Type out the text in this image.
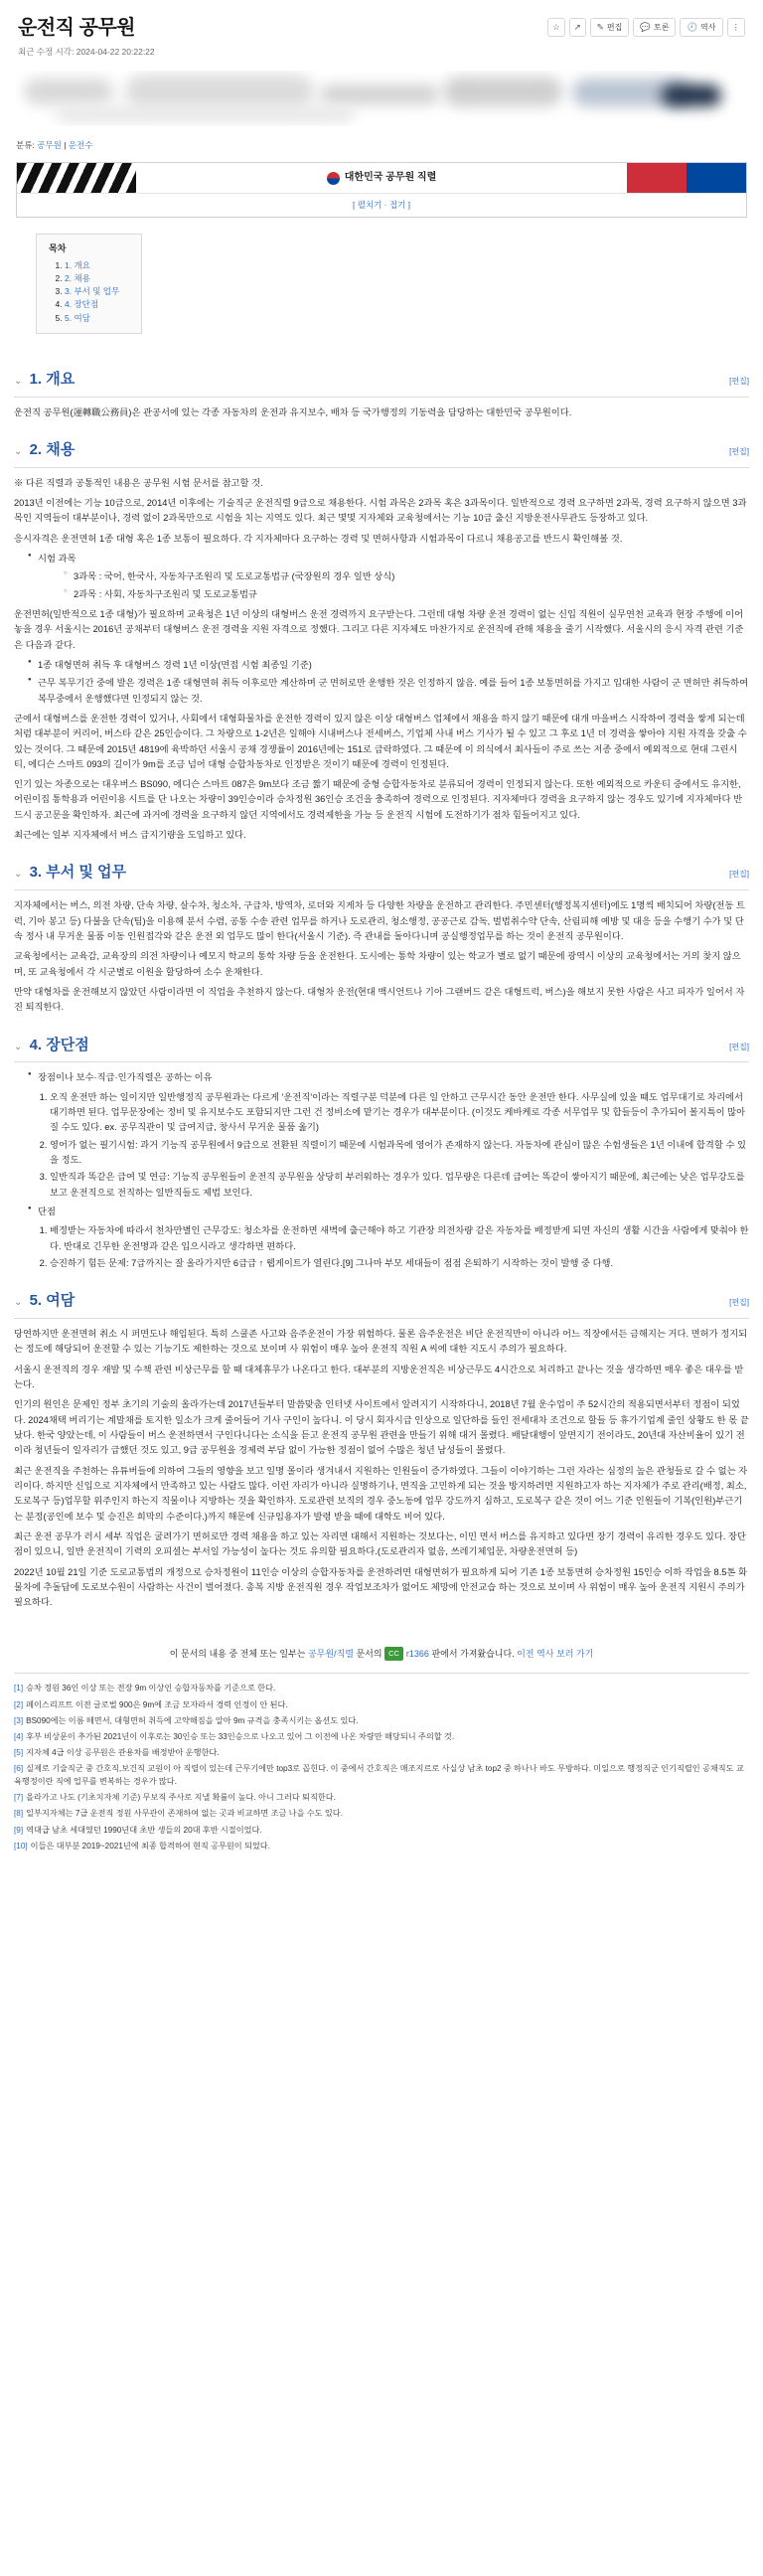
운전직 공무원
최근 수정 시각: 2024-04-22 20:22:22
☆ ↗ ✎ 편집 💬 토론 🕘 역사 ⋮
분류: 공무원 | 운전수
대한민국 공무원 직렬
[ 펼치기 · 접기 ]
목차
1. 1. 개요
2. 2. 채용
3. 3. 부서 및 업무
4. 4. 장단점
5. 5. 여담
⌄ 1. 개요	[편집]

운전직 공무원(運轉職公務員)은 관공서에 있는 각종 자동차의 운전과 유지보수, 배차 등 국가행정의 기동력을 담당하는 대한민국 공무원이다.

⌄ 2. 채용	[편집]

※ 다른 직렬과 공통적인 내용은 공무원 시험 문서를 참고할 것.

2013년 이전에는 기능 10급으로, 2014년 이후에는 기술직군 운전직렬 9급으로 채용한다. 시험 과목은 2과목 혹은 3과목이다. 일반적으로 경력 요구하면 2과목, 경력 요구하지 않으면 3과목인 지역들이 대부분이나, 경력 없이 2과목만으로 시험을 치는 지역도 있다. 최근 몇몇 지자체와 교육청에서는 기능 10급 출신 지방운전사무관도 등장하고 있다.

응시자격은 운전면허 1종 대형 혹은 1종 보통이 필요하다. 각 지자체마다 요구하는 경력 및 면허사항과 시험과목이 다르니 채용공고를 반드시 확인해볼 것.

● 시험 과목
○ 3과목 : 국어, 한국사, 자동차구조원리 및 도로교통법규 (국장원의 경우 일반 상식)
○ 2과목 : 사회, 자동차구조원리 및 도로교통법규

운전면허(일반적으로 1종 대형)가 필요하며 교육청은 1년 이상의 대형버스 운전 경력까지 요구받는다. 그런데 대형 차량 운전 경력이 없는 신입 직원이 실무연천 교육과 현장 주행에 이어놓을 경우 서울시는 2016년 공채부터 대형버스 운전 경력을 지원 자격으로 정했다. 그리고 다른 지자체도 마찬가지로 운전직에 관해 채용을 줄기 시작했다. 서울시의 응시 자격 관련 기준은 다음과 같다.

● 1종 대형면허 취득 후 대형버스 경력 1년 이상(면접 시험 최종일 기준)
● 근무 복무기간 중에 발은 경력은 1종 대형면허 취득 이후로만 계산하며 군 면허로만 운행한 것은 인정하지 않음. 예를 들어 1종 보통면허를 가지고 입대한 사람이 군 면허만 취득하여 복무중에서 운행했다면 인정되지 않는 것.

군에서 대형버스를 운전한 경력이 있거나, 사회에서 대형화물차를 운전한 경력이 있지 않은 이상 대형버스 업체에서 채용을 하지 않기 때문에 대개 마을버스 시작하여 경력을 쌓게 되는데 처럼 대부분이 커리어, 버스타 같은 25인승이다. 그 차량으로 1-2년은 일해야 시내버스나 전세버스, 기업체 사내 버스 기사가 될 수 있고 그 후로 1년 더 경력을 쌓아야 지원 자격을 갖출 수 있는 것이다. 그 때문에 2015년 4819에 육박하던 서울시 공채 경쟁률이 2016년에는 151로 급락하였다. 그 때문에 이 의식에서 최사들이 주로 쓰는 저종 중에서 예외적으로 현대 그린시티, 에디슨 스마트 093의 길이가 9m를 조금 넘어 대형 승합차동차로 인정받은 것이기 때문에 경력이 인정된다.

인기 있는 차종으로는 대우버스 BS090, 에디슨 스마트 087은 9m보다 조금 짧기 때문에 중형 승합자동차로 분류되어 경력이 인정되지 않는다. 또한 예외적으로 카운티 중에서도 유지한, 어린이집 통학용과 어린이용 시트를 단 나오는 차량이 39인승이라 승차정원 36인승 조건을 충족하여 경력으로 인정된다. 지자체마다 경력을 요구하지 않는 경우도 있기에 지자체마다 반드시 공고문을 확인하자. 최근에 과거에 경력을 요구하지 않던 지역에서도 경력제한을 가능 등 운전직 시험에 도전하기가 점차 힘들어지고 있다.

최근에는 일부 지자체에서 버스 급지기량을 도입하고 있다.

⌄ 3. 부서 및 업무	[편집]

지자체에서는 버스, 의전 차량, 단속 차량, 살수차, 청소차, 구급차, 방역차, 로더와 지게차 등 다양한 차량을 운전하고 관리한다. 주민센터(행정복지센터)에도 1명씩 배치되어 차량(전동 트럭, 기아 봉고 등) 다불을 단속(팀)을 이용해 분서 수렴, 공통 수송 관련 업무를 하거나 도로관리, 청소행정, 공공근로 감독, 벌법취수약 단속, 산림피해 예방 및 대응 등을 수행기 수가 및 단속 정사 내 무거운 물품 이동 인원접각와 같은 운전 외 업무도 많이 한다(서울시 기준). 즉 관내를 돌아다니며 공실행정업무를 하는 것이 운전직 공무원이다.

교육청에서는 교육감, 교육장의 의전 차량이나 예모지 학교의 통학 차량 등을 운전한다. 도시에는 통학 차량이 있는 학교가 별로 없기 때문에 광역시 이상의 교육청에서는 거의 찾지 않으며, 또 교육청에서 각 시군별로 이원을 할당하여 소수 운채한다.

만약 대형차를 운전해보지 않았던 사람이라면 이 직업을 추천하지 않는다. 대형차 운전(현대 백시언트나 기아 그랜버드 같은 대형트럭, 버스)을 해보지 못한 사람은 사고 피자가 일어서 자진 퇴직한다.

⌄ 4. 장단점	[편집]
● 장점이나 보수·직급·인가직렬은 공하는 이유
1. 오직 운전만 하는 일이지만 일반행정직 공무원과는 다르게 '운전직'이라는 직렬구분 덕분에 다른 일 안하고 근무시간 동안 운전만 한다. 사무실에 있을 때도 업무대기로 차리에서 대기하면 된다. 업무문장에는 정비 및 유지보수도 포함되지만 그런 건 정비소에 맡기는 경우가 대부분이다. (이것도 케바케로 각종 서무업무 및 합들등이 추가되어 볼지특이 많아질 수도 있다. ex. 공무직관이 및 급여지급, 창사서 무거운 물품 옮기)
2. 영어가 없는 필기시험: 과거 기능직 공무원에서 9급으로 전환된 직렬이기 때문에 시험과목에 영어가 존재하지 않는다. 자동차에 관심이 많은 수험생들은 1년 이내에 합격할 수 있을 정도.
3. 일반직과 똑같은 급여 및 연금: 기능직 공무원들이 운전직 공무원을 상당히 부러워하는 경우가 있다. 업무량은 다른데 급여는 똑같이 쌓아지기 때문에, 최근에는 낮은 업무강도를 보고 운전직으로 전직하는 일반직들도 제법 보인다.
● 단점
1. 배정받는 자동차에 따라서 천차만별인 근무강도: 청소차를 운전하면 새벽에 출근해야 하고 기관장 의전차량 같은 자동차를 배정받게 되면 자신의 생활 시간을 사람에게 맞춰야 한다. 반대로 긴무한 운전명과 같은 입으시라고 생각하면 편하다.
2. 승진하기 힘든 문제: 7급까지는 잘 올라가지만 6급급 ↑ 웹게이트가 열린다.[9] 그나마 부모 세대들이 점점 은퇴하기 시작하는 것이 발행 중 다행.
⌄ 5. 여담	[편집]

당연하지만 운전면허 취소 시 퍼면도나 해임된다. 특히 스쿨존 사고와 음주운전이 가장 위험하다. 물론 음주운전은 비단 운전직만이 아니라 어느 직장에서든 금해지는 거다. 면허가 정지되는 정도에 해당되어 운전할 수 있는 기능기도 제한하는 것으로 보이며 사 위험이 매우 높아 운전직 직원 A 씨에 대한 지도시 주의가 필요하다.

서울시 운전직의 경우 재발 및 수책 관련 비상근무를 할 때 대체휴무가 나온다고 한다. 대부분의 지방운전직은 비상근무도 4시간으로 처리하고 끝나는 것을 생각하면 매우 좋은 대우를 받는다.

인기의 원인은 문제인 정부 초기의 기술의 올라가는데 2017년들부터 말씀맞춤 인터넷 사이트에서 알려지기 시작하다니, 2018년 7월 운수업이 주 52시간의 적용되면서부터 정점이 되었다. 2024채택 버리기는 계말채를 토지한 일소가 크게 줄어들어 기사 구인이 높다니. 이 당시 회자시급 인상으로 일단하를 들인 전세대차 조건으로 할들 등 휴가기업계 줄인 상황도 한 몫 끝났다. 한국 양았는데, 이 사람들이 버스 운전하면서 구인다니다는 소식을 듣고 운전직 공무원 관련을 만들기 위해 대거 몰렸다. 배달대행이 앞면지기 전이라도, 20년대 자산비율이 있기 전이라 청년들이 일자리가 급했던 것도 있고, 9급 공무원을 경제력 부담 없이 가능한 정점이 없어 수많은 청년 남성들이 몰렸다.

최근 운전직을 주천하는 유튜버들에 의하여 그들의 영향을 보고 일명 몰이라 생겨내서 지원하는 인원들이 증가하였다. 그들이 이야기하는 그런 자라는 심정의 높은 관청들로 갈 수 없는 자리이다. 하지만 신입으로 지자체에서 만족하고 있는 사람도 많다. 이런 자리가 아니라 실명하기나, 면직을 고민하게 되는 것을 방지하려면 지원하고자 하는 지자체가 주로 관리(배정, 최소, 도로복구 등)업무할 위주인지 하는지 직물이나 지방하는 것을 확인하자. 도로관련 보직의 경우 중노동에 업무 강도까지 심하고, 도로복구 같은 것이 어느 기준 인원들이 기복(인원)부근기는 분정(공인에 보수 및 승진은 희막의 수준이다.)까지 해문에 신규임용자가 발령 받을 때에 대학도 비어 있다.

최근 운전 공무가 러시 세부 직업은 굴려가기 면허로만 경력 채용을 하고 있는 자리면 대해서 지원하는 것보다는, 이민 면서 버스를 유지하고 있다면 장기 경력이 유리한 경우도 있다. 장단점이 있으니, 일반 운전직이 기력의 오피셜는 부서일 가능성이 높다는 것도 유의할 필요하다.(도로관리자 없음, 쓰레기체입문, 차량운전면허 등)

2022년 10월 21일 기준 도로교통법의 개정으로 승차정원이 11인승 이상의 승합자동차를 운전하려면 대형면허가 필요하게 되어 기존 1종 보통면허 승차정원 15인승 이하 작업을 8.5톤 화물차에 추돌답에 도로보수원이 사람하는 사건이 벌어졌다. 총복 지방 운전직원 경우 작업보조차가 없어도 체망에 안전교습 하는 것으로 보이며 사 위험이 매우 높아 운전직 지원시 주의가 필요하다.

이 문서의 내용 중 전체 또는 일부는 공무원/직렬 문서의 CC r1366 판에서 가져왔습니다. 이전 역사 보러 가기
[1] 승차 정원 36인 이상 또는 전장 9m 이상인 승합자동차를 기준으로 한다.
[2] 페이스리프트 이전 글로벌 900은 9m에 조금 모자라서 경력 인정이 안 된다.
[3] BS090에는 이름 떼면서, 대형면허 취득에 고약해짐을 알아 9m 규격을 충족시키는 옵션도 있다.
[4] 후부 비상문이 추가된 2021년이 이후로는 30인승 또는 33인승으로 나오고 있어 그 이전에 나온 차량만 해당되니 주의할 것.
[5] 지자체 4급 이상 공무원은 관용차를 배정받아 운행한다.
[6] 실제로 기술직군 중 간호직,보건직 교원이 아 직렬이 있는데 근무기에만 top3로 꼽힌다. 이 중에서 간호직은 매조지르로 사실상 남초 top2 중 하나나 바도 무방하다. 미일으로 행정직군 인기직렬인 공채직도 교육행정이란 직에 업무를 변복하는 경우가 많다.
[7] 올라가고 나도 (기초치자체 기준) 무보직 주사로 지낼 확률이 높다. 아니 그러다 퇴직한다.
[8] 일부지자체는 7급 운전직 정원 사무관이 존재하여 없는 곳과 비교하면 조금 나을 수도 있다.
[9] 역대급 남초 세대였던 1990년대 초반 생들의 20대 후반 시절이었다.
[10] 이들은 대부분 2019~2021년에 최종 합격하여 현직 공무원이 되었다.
